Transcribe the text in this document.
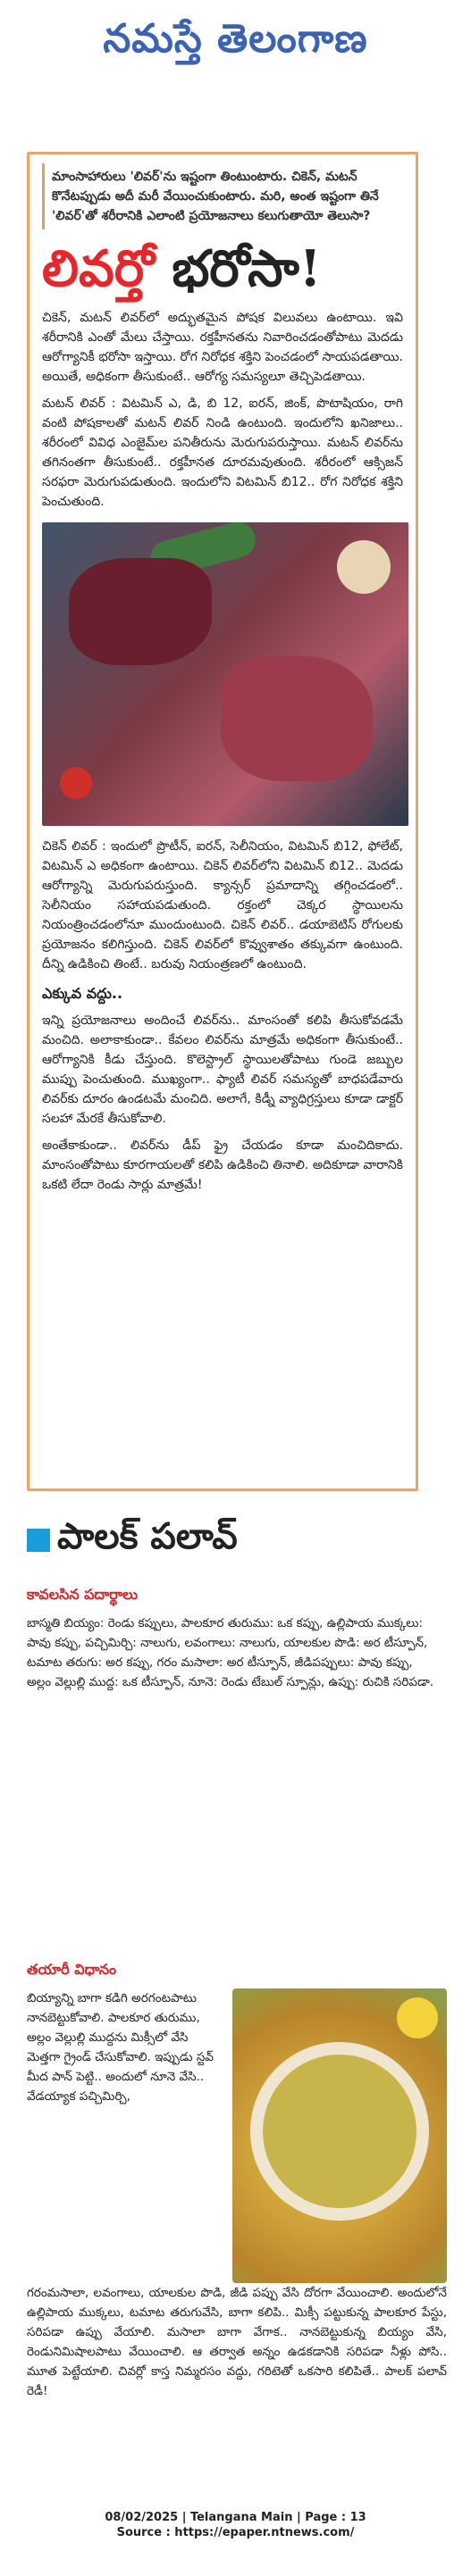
నమస్తే తెలంగాణ
మాంసాహారులు 'లివర్'ను ఇష్టంగా తింటుంటారు. చికెన్, మటన్ కొనేటప్పుడు అదీ మరీ వేయించుకుంటారు. మరి, అంత ఇష్టంగా తినే 'లివర్'తో శరీరానికి ఎలాంటి ప్రయోజనాలు కలుగుతాయో తెలుసా?
లివర్తో భరోసా!

చికెన్, మటన్ లివర్‌లో అద్భుతమైన పోషక విలువలు ఉంటాయి. ఇవి శరీరానికి ఎంతో మేలు చేస్తాయి. రక్తహీనతను నివారించడంతోపాటు మెదడు ఆరోగ్యానికీ భరోసా ఇస్తాయి. రోగ నిరోధక శక్తిని పెంచడంలో సాయపడతాయి. అయితే, అధికంగా తీసుకుంటే.. ఆరోగ్య సమస్యలూ తెచ్చిపెడతాయి.

మటన్ లివర్ : విటమిన్ ఎ, డి, బి 12, ఐరన్, జింక్, పొటాషియం, రాగి వంటి పోషకాలతో మటన్ లివర్ నిండి ఉంటుంది. ఇందులోని ఖనిజాలు.. శరీరంలో వివిధ ఎంజైమ్‌ల పనితీరును మెరుగుపరుస్తాయి. మటన్ లివర్‌ను తగినంతగా తీసుకుంటే.. రక్తహీనత దూరమవుతుంది. శరీరంలో ఆక్సిజన్ సరఫరా మెరుగుపడుతుంది. ఇందులోని విటమిన్ బి12.. రోగ నిరోధక శక్తిని పెంచుతుంది.

చికెన్ లివర్ : ఇందులో ప్రొటీన్, ఐరన్, సెలీనియం, విటమిన్ బి12, ఫోలేట్, విటమిన్ ఎ అధికంగా ఉంటాయి. చికెన్ లివర్‌లోని విటమిన్ బి12.. మెదడు ఆరోగ్యాన్ని మెరుగుపరుస్తుంది. క్యాన్సర్ ప్రమాదాన్ని తగ్గించడంలో.. సెలీనియం సహాయపడుతుంది. రక్తంలో చెక్కర స్థాయిలను నియంత్రించడంలోనూ ముందుంటుంది. చికెన్ లివర్.. డయాబెటిస్ రోగులకు ప్రయోజనం కలిగిస్తుంది. చికెన్ లివర్‌లో కొవ్వుశాతం తక్కువగా ఉంటుంది. దీన్ని ఉడికించి తింటే.. బరువు నియంత్రణలో ఉంటుంది.

ఎక్కువ వద్దు..

ఇన్ని ప్రయోజనాలు అందించే లివర్‌ను.. మాంసంతో కలిపి తీసుకోవడమే మంచిది. అలాకాకుండా.. కేవలం లివర్‌ను మాత్రమే అధికంగా తీసుకుంటే.. ఆరోగ్యానికి కీడు చేస్తుంది. కొలెస్ట్రాల్ స్థాయిలతోపాటు గుండె జబ్బుల ముప్పు పెంచుతుంది. ముఖ్యంగా.. ఫ్యాటీ లివర్ సమస్యతో బాధపడేవారు లివర్‌కు దూరం ఉండటమే మంచిది. అలాగే, కిడ్నీ వ్యాధిగ్రస్తులు కూడా డాక్టర్ సలహా మేరకే తీసుకోవాలి.

అంతేకాకుండా.. లివర్‌ను డీప్ ఫ్రై చేయడం కూడా మంచిదికాదు. మాంసంతోపాటు కూరగాయలతో కలిపి ఉడికించి తినాలి. అదికూడా వారానికి ఒకటి లేదా రెండు సార్లు మాత్రమే!

పాలక్ పలావ్
కావలసిన పదార్థాలు
బాస్మతి బియ్యం: రెండు కప్పులు, పాలకూర తురుము: ఒక కప్పు, ఉల్లిపాయ ముక్కలు: పావు కప్పు, పచ్చిమిర్చి: నాలుగు, లవంగాలు: నాలుగు, యాలకుల పొడి: అర టీస్పూన్, టమాట తరుగు: అర కప్పు, గరం మసాలా: అర టీస్పూన్, జీడిపప్పులు: పావు కప్పు,
అల్లం వెల్లుల్లి ముద్ద: ఒక టీస్పూన్, నూనె: రెండు టేబుల్ స్పూన్లు, ఉప్పు: రుచికి సరిపడా.
తయారీ విధానం
బియ్యాన్ని బాగా కడిగి అరగంటపాటు నానబెట్టుకోవాలి. పాలకూర తురుము, అల్లం వెల్లుల్లి ముద్దను మిక్సీలో వేసి మెత్తగా గ్రైండ్ చేసుకోవాలి. ఇప్పుడు స్టవ్ మీద పాన్ పెట్టి.. అందులో నూనె వేసి.. వేడయ్యాక పచ్చిమిర్చి,
గరంమసాలా, లవంగాలు, యాలకుల పొడి, జీడి పప్పు వేసి దోరగా వేయించాలి. అందులోనే ఉల్లిపాయ ముక్కలు, టమాట తరుగువేసి, బాగా కలిపి.. మిక్సీ పట్టుకున్న పాలకూర పేస్టు, సరిపడా ఉప్పు వేయాలి. మసాలా బాగా వేగాక.. నానబెట్టుకున్న బియ్యం వేసి, రెండునిమిషాలపాటు వేయించాలి. ఆ తర్వాత అన్నం ఉడకడానికి సరిపడా నీళ్లు పోసి.. మూత పెట్టేయాలి. చివర్లో కాస్త నిమ్మరసం వద్దు, గరిటెతో ఒకసారి కలిపితే.. పాలక్ పలావ్ రెడీ!
08/02/2025 | Telangana Main | Page : 13
Source : https://epaper.ntnews.com/
